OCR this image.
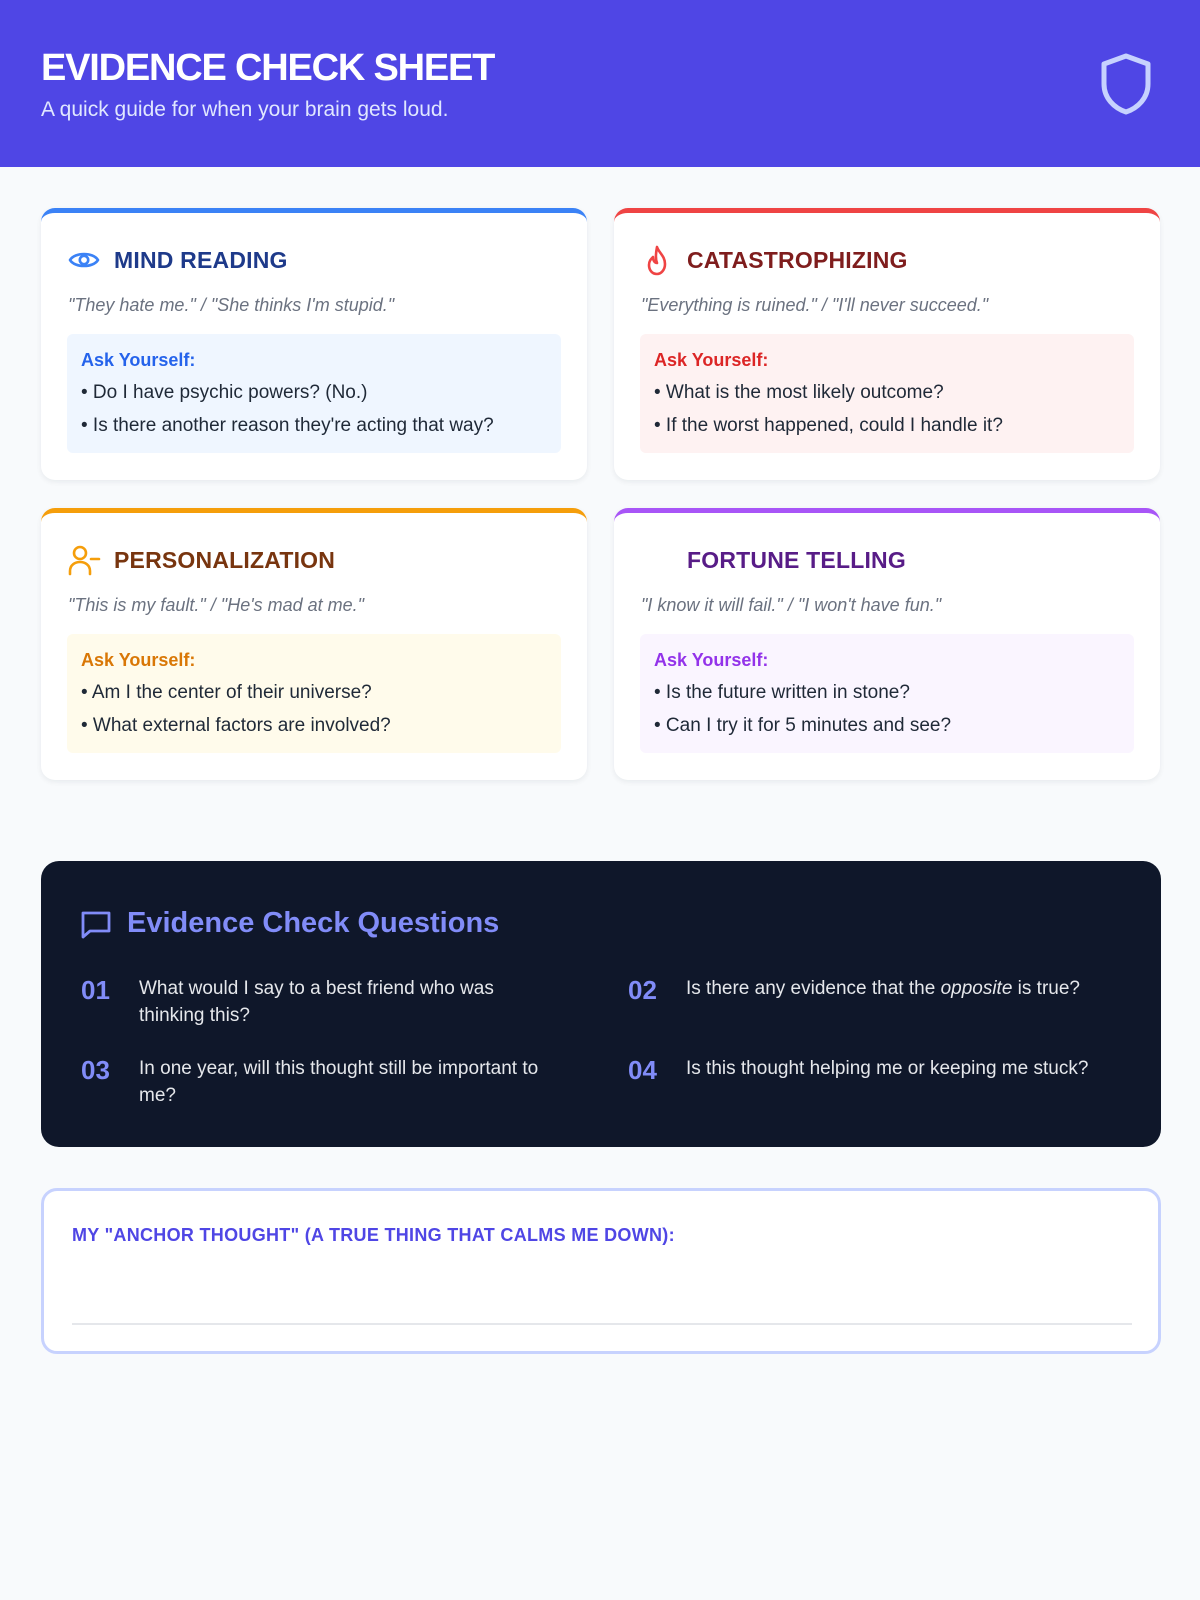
EVIDENCE CHECK SHEET

A quick guide for when your brain gets loud.

MIND READING

"They hate me." / "She thinks I'm stupid."

Ask Yourself:
• Do I have psychic powers? (No.)
• Is there another reason they're acting that way?
CATASTROPHIZING

"Everything is ruined." / "I'll never succeed."

Ask Yourself:
• What is the most likely outcome?
• If the worst happened, could I handle it?
PERSONALIZATION

"This is my fault." / "He's mad at me."

Ask Yourself:
• Am I the center of their universe?
• What external factors are involved?
FORTUNE TELLING

"I know it will fail." / "I won't have fun."

Ask Yourself:
• Is the future written in stone?
• Can I try it for 5 minutes and see?
Evidence Check Questions
01 What would I say to a best friend who was thinking this?
02 Is there any evidence that the opposite is true?
03 In one year, will this thought still be important to me?
04 Is this thought helping me or keeping me stuck?
MY "ANCHOR THOUGHT" (A TRUE THING THAT CALMS ME DOWN):
